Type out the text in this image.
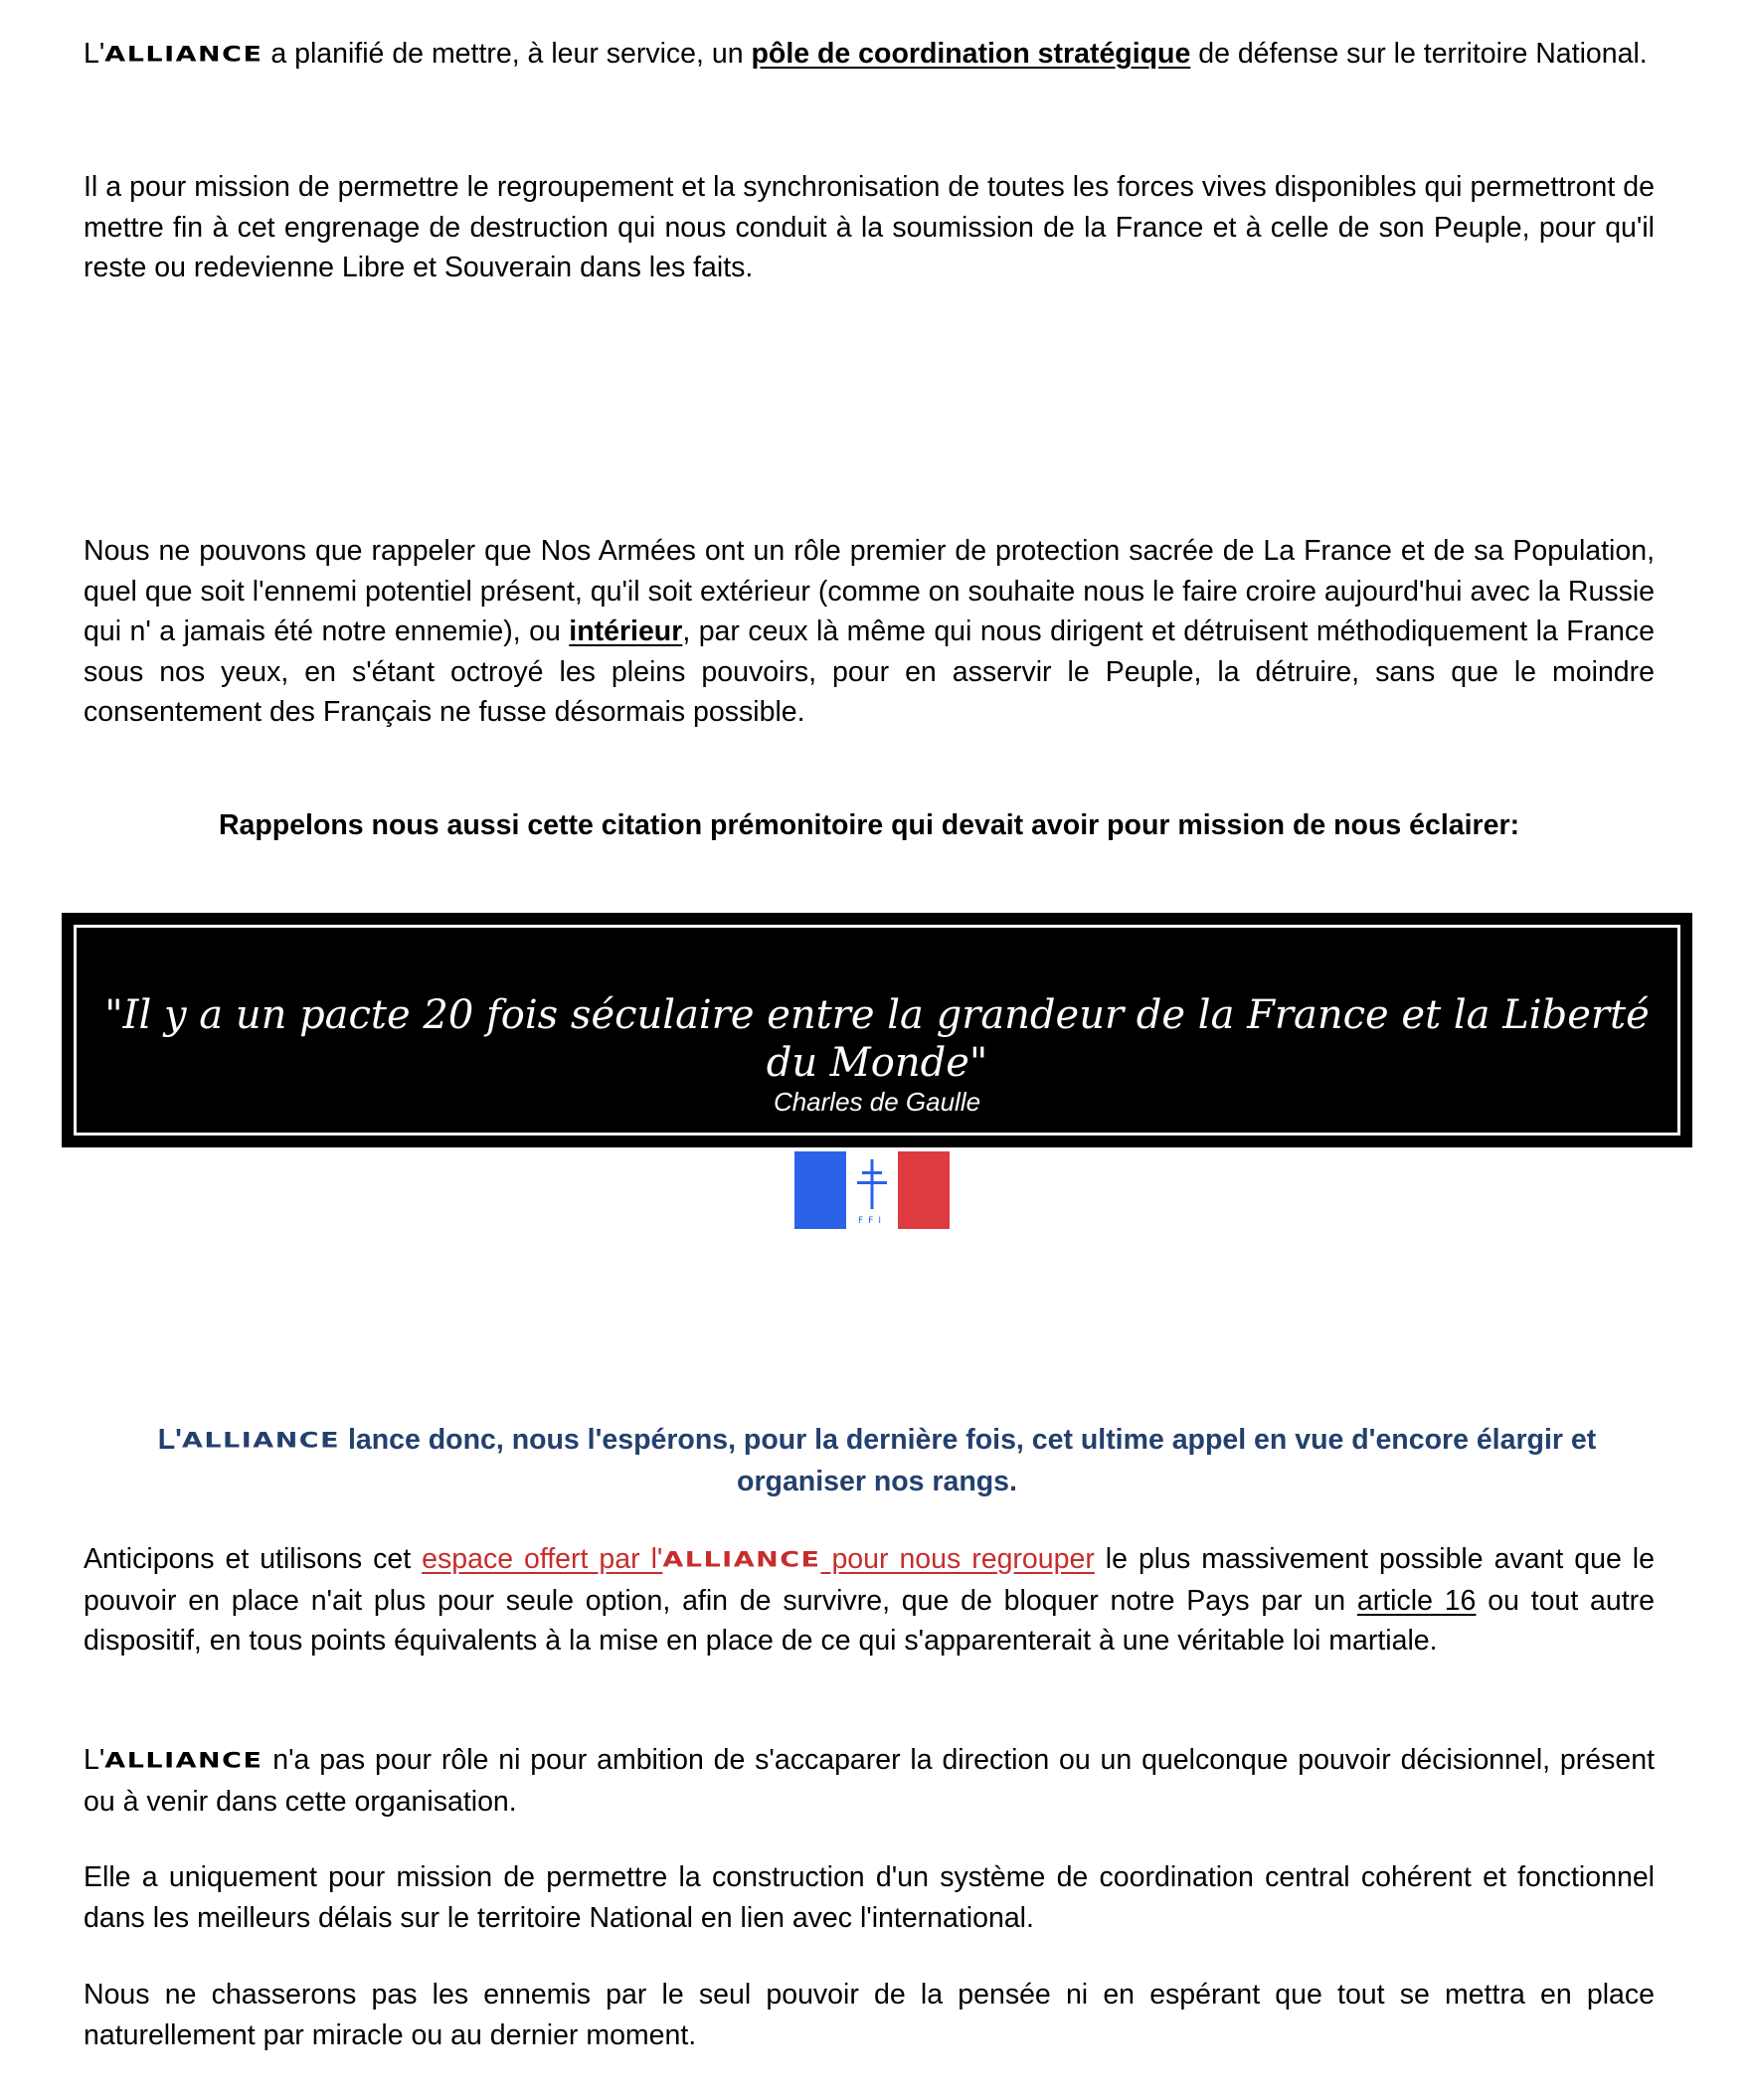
L'ALLIANCE a planifié de mettre, à leur service, un pôle de coordination stratégique de défense sur le territoire National.

Il a pour mission de permettre le regroupement et la synchronisation de toutes les forces vives disponibles qui permettront de mettre fin à cet engrenage de destruction qui nous conduit à la soumission de la France et à celle de son Peuple, pour qu'il reste ou redevienne Libre et Souverain dans les faits.

Nous ne pouvons que rappeler que Nos Armées ont un rôle premier de protection sacrée de La France et de sa Population, quel que soit l'ennemi potentiel présent, qu'il soit extérieur (comme on souhaite nous le faire croire aujourd'hui avec la Russie qui n' a jamais été notre ennemie), ou intérieur, par ceux là même qui nous dirigent et détruisent méthodiquement la France sous nos yeux, en s'étant octroyé les pleins pouvoirs, pour en asservir le Peuple, la détruire, sans que le moindre consentement des Français ne fusse désormais possible.

Rappelons nous aussi cette citation prémonitoire qui devait avoir pour mission de nous éclairer:

"Il y a un pacte 20 fois séculaire entre la grandeur de la France et la Liberté du Monde"
Charles de Gaulle
FFI

L'ALLIANCE lance donc, nous l'espérons, pour la dernière fois, cet ultime appel en vue d'encore élargir et organiser nos rangs.

Anticipons et utilisons cet espace offert par l'ALLIANCE pour nous regrouper le plus massivement possible avant que le pouvoir en place n'ait plus pour seule option, afin de survivre, que de bloquer notre Pays par un article 16 ou tout autre dispositif, en tous points équivalents à la mise en place de ce qui s'apparenterait à une véritable loi martiale.

L'ALLIANCE n'a pas pour rôle ni pour ambition de s'accaparer la direction ou un quelconque pouvoir décisionnel, présent ou à venir dans cette organisation.

Elle a uniquement pour mission de permettre la construction d'un système de coordination central cohérent et fonctionnel dans les meilleurs délais sur le territoire National en lien avec l'international.

Nous ne chasserons pas les ennemis par le seul pouvoir de la pensée ni en espérant que tout se mettra en place naturellement par miracle ou au dernier moment.
